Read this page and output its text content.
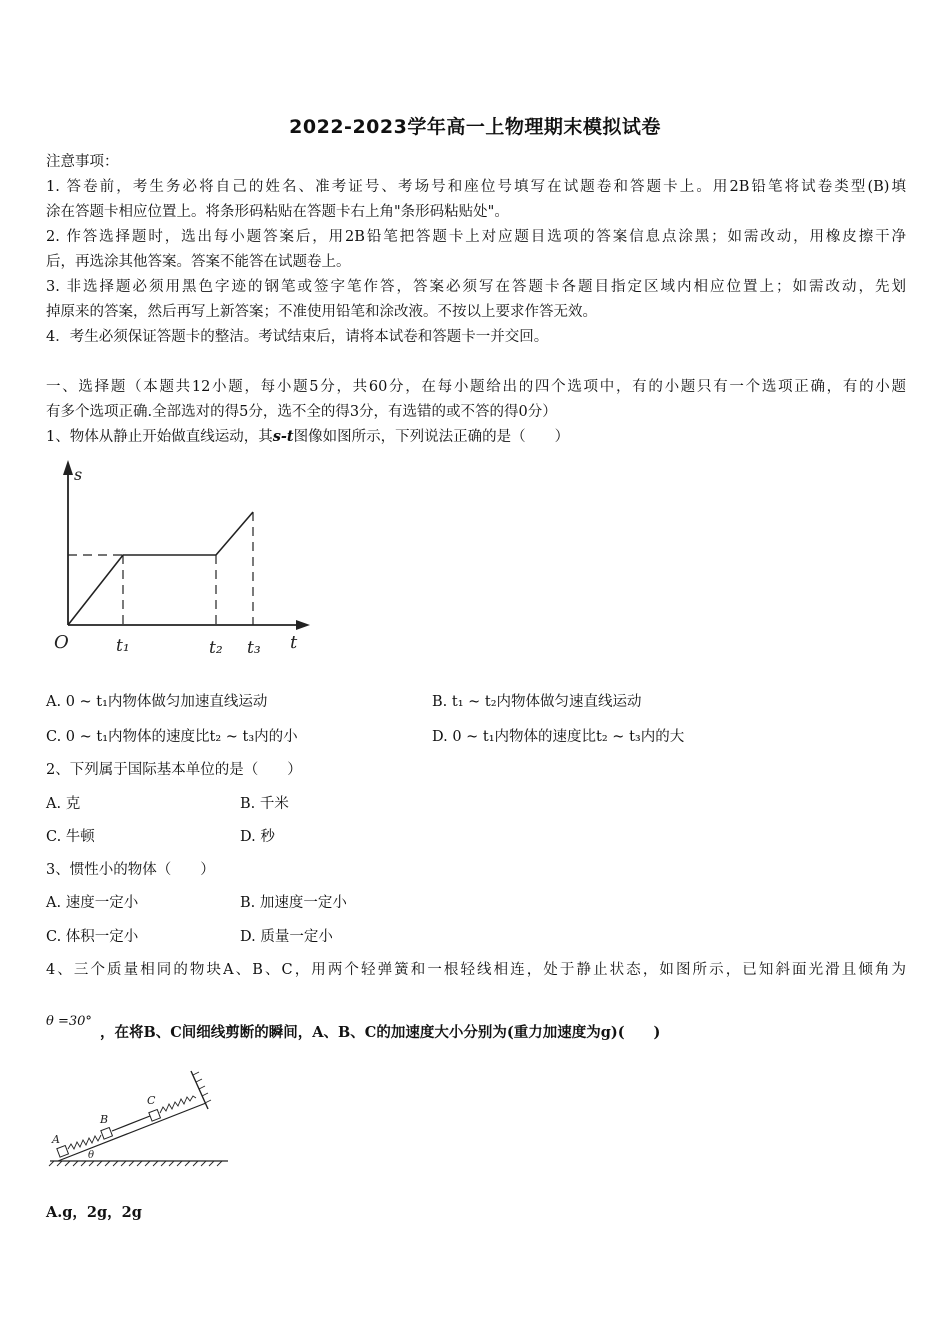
2022-2023学年高一上物理期末模拟试卷
注意事项：
1. 答卷前，考生务必将自己的姓名、准考证号、考场号和座位号填写在试题卷和答题卡上。用2B铅笔将试卷类型(B)填
涂在答题卡相应位置上。将条形码粘贴在答题卡右上角"条形码粘贴处"。
2. 作答选择题时，选出每小题答案后，用2B铅笔把答题卡上对应题目选项的答案信息点涂黑；如需改动，用橡皮擦干净
后，再选涂其他答案。答案不能答在试题卷上。
3. 非选择题必须用黑色字迹的钢笔或签字笔作答，答案必须写在答题卡各题目指定区域内相应位置上；如需改动，先划
掉原来的答案，然后再写上新答案；不准使用铅笔和涂改液。不按以上要求作答无效。
4．考生必须保证答题卡的整洁。考试结束后，请将本试卷和答题卡一并交回。
一、选择题（本题共12小题，每小题5分，共60分，在每小题给出的四个选项中，有的小题只有一个选项正确，有的小题
有多个选项正确.全部选对的得5分，选不全的得3分，有选错的或不答的得0分）
1、物体从静止开始做直线运动，其s-t图像如图所示，下列说法正确的是（　　）
s
t
O	t₁	t₂ t₃
A. 0 ~ t₁内物体做匀加速直线运动	B. t₁ ~ t₂内物体做匀速直线运动
C. 0 ~ t₁内物体的速度比t₂ ~ t₃内的小	D. 0 ~ t₁内物体的速度比t₂ ~ t₃内的大
2、下列属于国际基本单位的是（　　）
A. 克	B. 千米
C. 牛顿	D. 秒
3、惯性小的物体（　　）
A. 速度一定小	B. 加速度一定小
C. 体积一定小	D. 质量一定小
4、三个质量相同的物块A、B、C，用两个轻弹簧和一根轻线相连，处于静止状态，如图所示，已知斜面光滑且倾角为
θ =30°
，在将B、C间细线剪断的瞬间，A、B、C的加速度大小分别为(重力加速度为g)(　　)
A
B
C
θ
A.g，2g，2g
